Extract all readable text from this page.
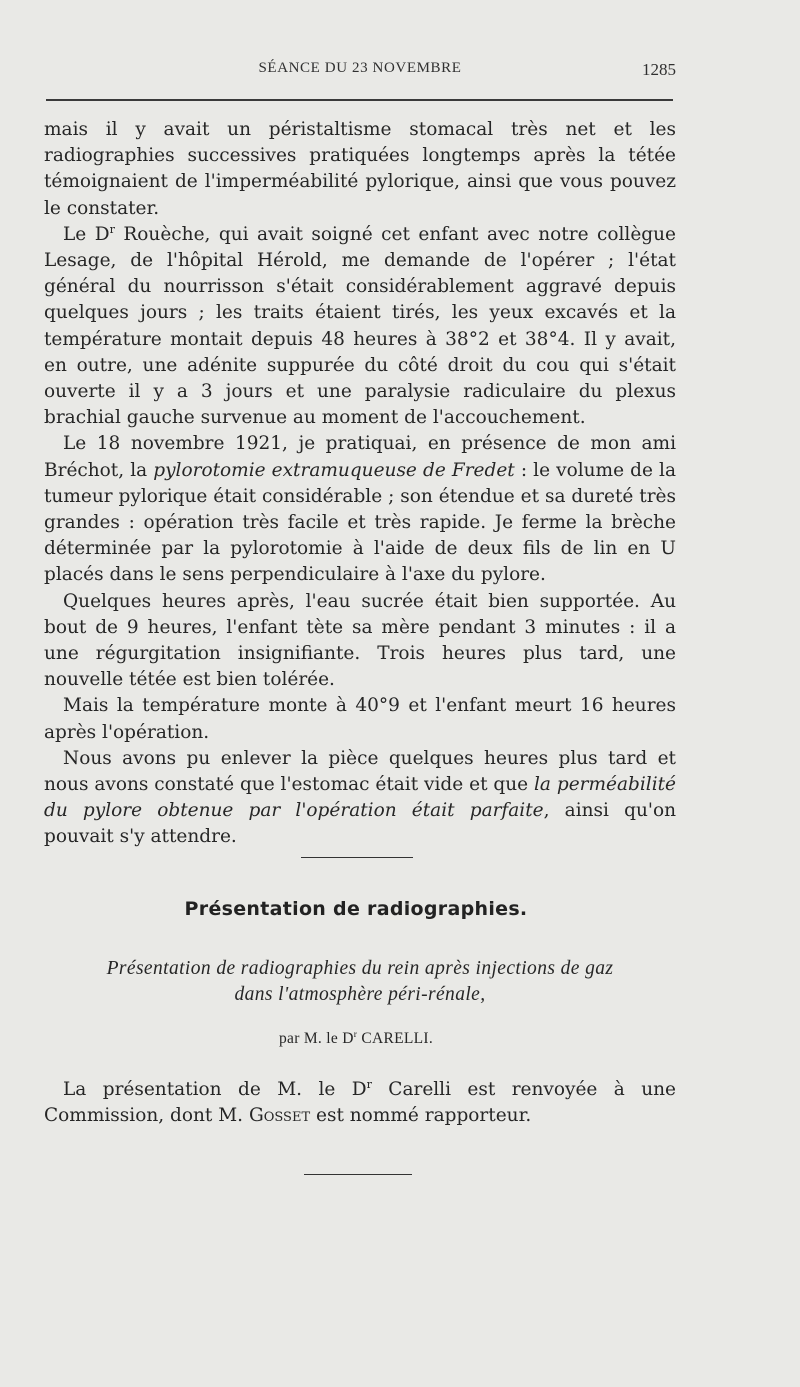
SÉANCE DU 23 NOVEMBRE	1285

mais il y avait un péristaltisme stomacal très net et les radiographies successives pratiquées longtemps après la tétée témoignaient de l'imperméabilité pylorique, ainsi que vous pouvez le constater.

Le $D^r$ Rouèche, qui avait soigné cet enfant avec notre collègue Lesage, de l'hôpital Hérold, me demande de l'opérer ; l'état général du nourrisson s'était considérablement aggravé depuis quelques jours ; les traits étaient tirés, les yeux excavés et la température montait depuis 48 heures à 38°2 et 38°4. Il y avait, en outre, une adénite suppurée du côté droit du cou qui s'était ouverte il y a 3 jours et une paralysie radiculaire du plexus brachial gauche survenue au moment de l'accouchement.

Le 18 novembre 1921, je pratiquai, en présence de mon ami Bréchot, la pylorotomie extramuqueuse de Fredet : le volume de la tumeur pylorique était considérable ; son étendue et sa dureté très grandes : opération très facile et très rapide. Je ferme la brèche déterminée par la pylorotomie à l'aide de deux fils de lin en U placés dans le sens perpendiculaire à l'axe du pylore.

Quelques heures après, l'eau sucrée était bien supportée. Au bout de 9 heures, l'enfant tète sa mère pendant 3 minutes : il a une régurgitation insignifiante. Trois heures plus tard, une nouvelle tétée est bien tolérée.

Mais la température monte à 40°9 et l'enfant meurt 16 heures après l'opération.

Nous avons pu enlever la pièce quelques heures plus tard et nous avons constaté que l'estomac était vide et que la perméabilité du pylore obtenue par l'opération était parfaite, ainsi qu'on pouvait s'y attendre.

Présentation de radiographies.
Présentation de radiographies du rein après injections de gaz
dans l'atmosphère péri-rénale,
par M. le $D^r$ CARELLI.

La présentation de M. le $D^r$ Carelli est renvoyée à une Commission, dont M. Gosset est nommé rapporteur.
